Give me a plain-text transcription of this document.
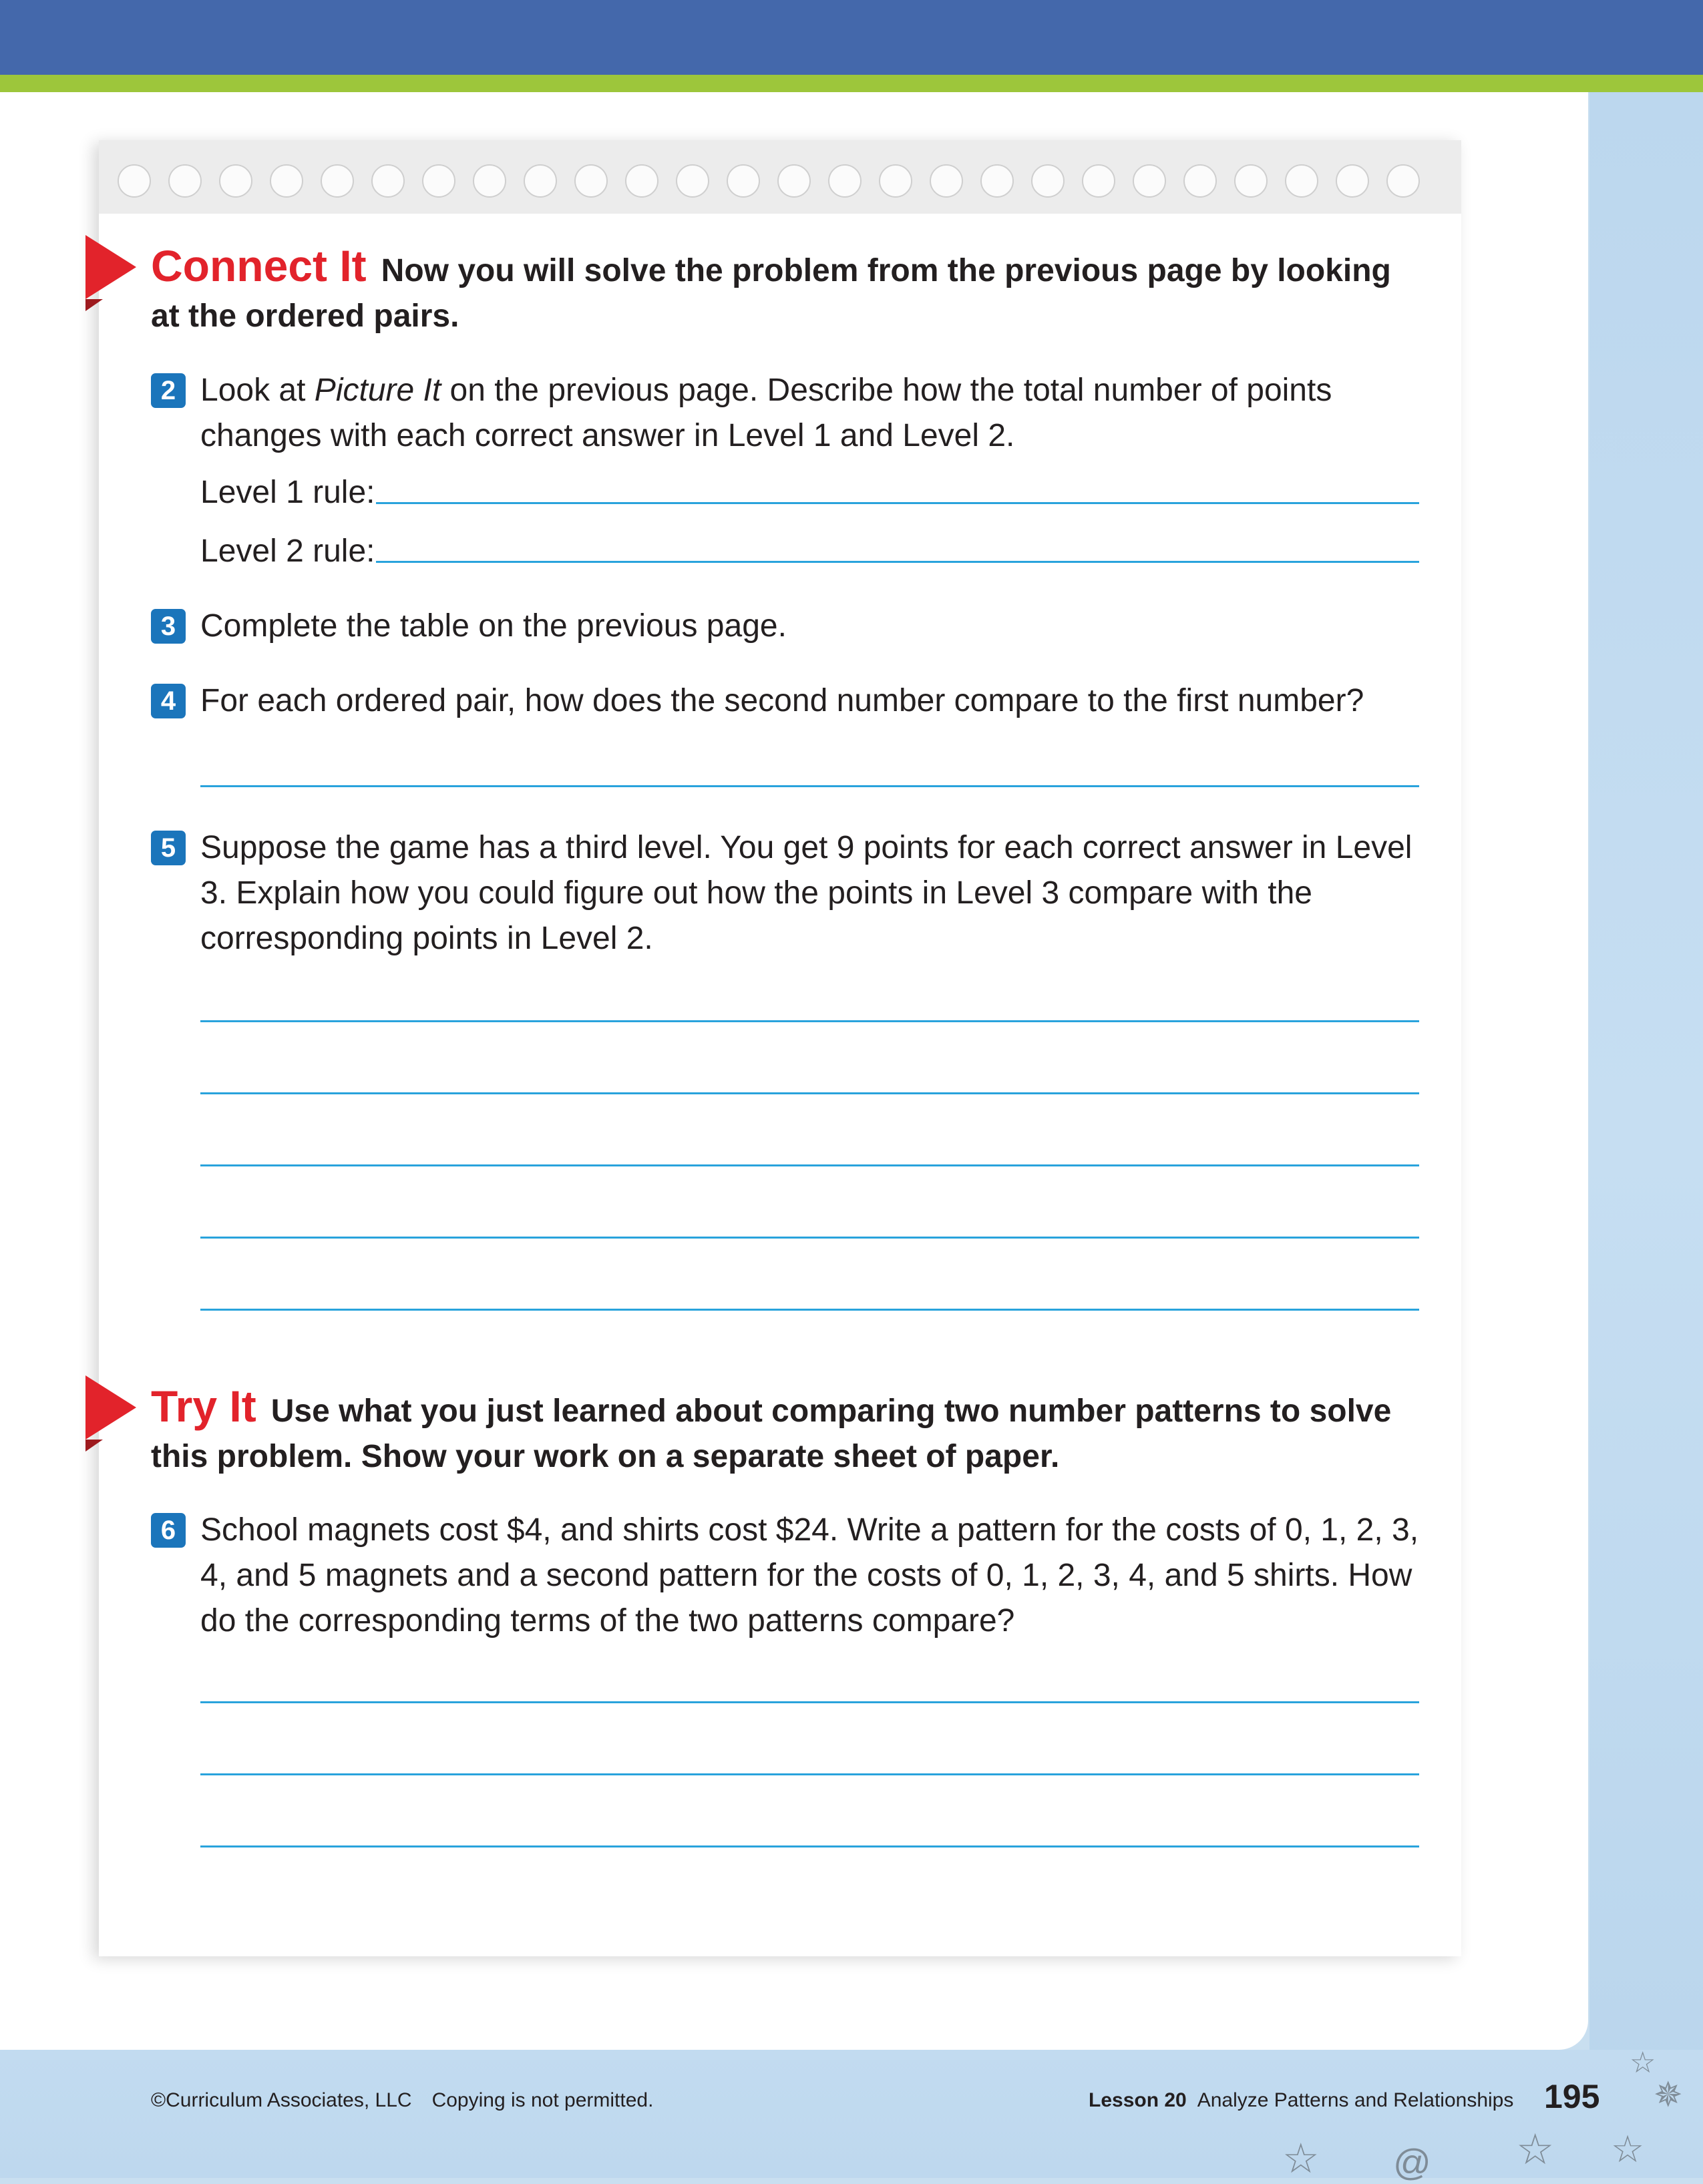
Connect It Now you will solve the problem from the previous page by looking at the ordered pairs.
2 Look at Picture It on the previous page. Describe how the total number of points changes with each correct answer in Level 1 and Level 2.
Level 1 rule:
Level 2 rule:
3 Complete the table on the previous page.
4 For each ordered pair, how does the second number compare to the first number?
5 Suppose the game has a third level. You get 9 points for each correct answer in Level 3. Explain how you could figure out how the points in Level 3 compare with the corresponding points in Level 2.
Try It Use what you just learned about comparing two number patterns to solve this problem. Show your work on a separate sheet of paper.
6 School magnets cost $4, and shirts cost $24. Write a pattern for the costs of 0, 1, 2, 3, 4, and 5 magnets and a second pattern for the costs of 0, 1, 2, 3, 4, and 5 shirts. How do the corresponding terms of the two patterns compare?
©Curriculum Associates, LLC Copying is not permitted.	Lesson 20 Analyze Patterns and Relationships 195
☆
✵
☆ ☆
☆ @
